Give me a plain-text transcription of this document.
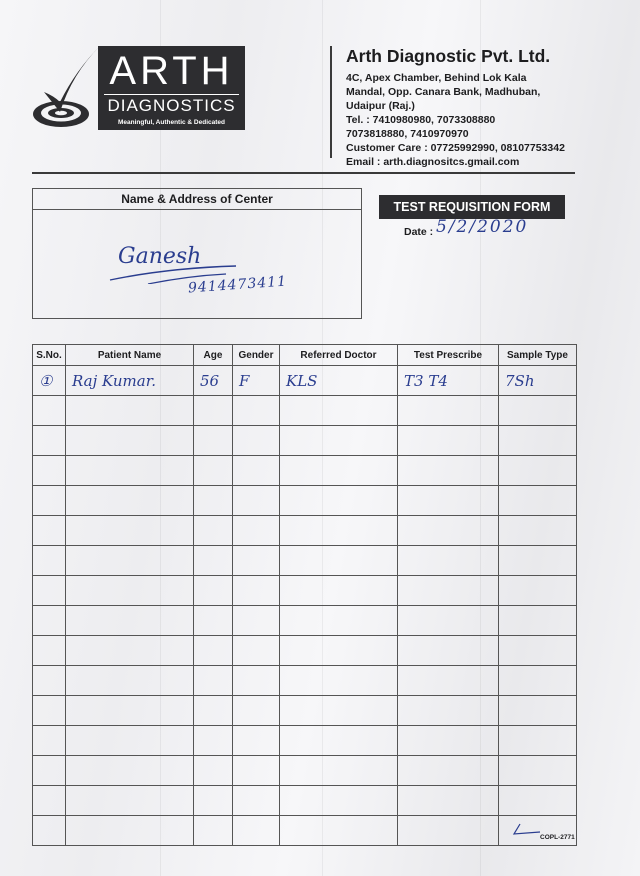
ARTH
DIAGNOSTICS
Meaningful, Authentic & Dedicated
Arth Diagnostic Pvt. Ltd.
4C, Apex Chamber, Behind Lok Kala
Mandal, Opp. Canara Bank, Madhuban,
Udaipur (Raj.)
Tel. : 7410980980, 7073308880
7073818880, 7410970970
Customer Care : 07725992990, 08107753342
Email : arth.diagnositcs.gmail.com
Name & Address of Center
Ganesh
9414473411
TEST REQUISITION FORM
Date : 5/2/2020
S.No.	Patient Name	Age	Gender	Referred Doctor	Test Prescribe	Sample Type
①	Raj Kumar.	56	F	KLS	T3 T4	7Sh

COPL-2771
